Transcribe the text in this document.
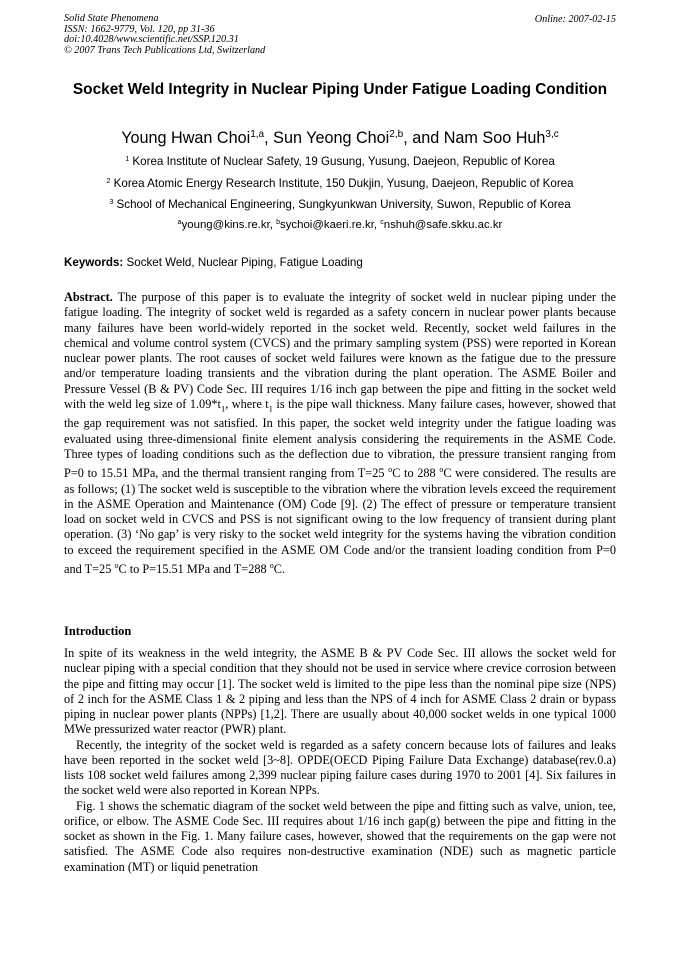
Solid State Phenomena
ISSN: 1662-9779, Vol. 120, pp 31-36
doi:10.4028/www.scientific.net/SSP.120.31
© 2007 Trans Tech Publications Ltd, Switzerland
Online: 2007-02-15
Socket Weld Integrity in Nuclear Piping Under Fatigue Loading Condition
Young Hwan Choi$^{1,a}$, Sun Yeong Choi$^{2,b}$, and Nam Soo Huh$^{3,c}$
$^1$ Korea Institute of Nuclear Safety, 19 Gusung, Yusung, Daejeon, Republic of Korea
$^2$ Korea Atomic Energy Research Institute, 150 Dukjin, Yusung, Daejeon, Republic of Korea
$^3$ School of Mechanical Engineering, Sungkyunkwan University, Suwon, Republic of Korea
$^a$young@kins.re.kr, $^b$sychoi@kaeri.re.kr, $^c$nshuh@safe.skku.ac.kr
Keywords: Socket Weld, Nuclear Piping, Fatigue Loading
Abstract. The purpose of this paper is to evaluate the integrity of socket weld in nuclear piping under the fatigue loading. The integrity of socket weld is regarded as a safety concern in nuclear power plants because many failures have been world-widely reported in the socket weld. Recently, socket weld failures in the chemical and volume control system (CVCS) and the primary sampling system (PSS) were reported in Korean nuclear power plants. The root causes of socket weld failures were known as the fatigue due to the pressure and/or temperature loading transients and the vibration during the plant operation. The ASME Boiler and Pressure Vessel (B & PV) Code Sec. III requires 1/16 inch gap between the pipe and fitting in the socket weld with the weld leg size of $1.09*t_1$, where $t_1$ is the pipe wall thickness. Many failure cases, however, showed that the gap requirement was not satisfied. In this paper, the socket weld integrity under the fatigue loading was evaluated using three-dimensional finite element analysis considering the requirements in the ASME Code. Three types of loading conditions such as the deflection due to vibration, the pressure transient ranging from P=0 to 15.51 MPa, and the thermal transient ranging from T=25 $^o$C to 288 $^o$C were considered. The results are as follows; (1) The socket weld is susceptible to the vibration where the vibration levels exceed the requirement in the ASME Operation and Maintenance (OM) Code [9]. (2) The effect of pressure or temperature transient load on socket weld in CVCS and PSS is not significant owing to the low frequency of transient during plant operation. (3) ‘No gap’ is very risky to the socket weld integrity for the systems having the vibration condition to exceed the requirement specified in the ASME OM Code and/or the transient loading condition from P=0 and T=25 $^o$C to P=15.51 MPa and T=288 $^o$C.
Introduction

In spite of its weakness in the weld integrity, the ASME B & PV Code Sec. III allows the socket weld for nuclear piping with a special condition that they should not be used in service where crevice corrosion between the pipe and fitting may occur [1]. The socket weld is limited to the pipe less than the nominal pipe size (NPS) of 2 inch for the ASME Class 1 & 2 piping and less than the NPS of 4 inch for ASME Class 2 drain or bypass piping in nuclear power plants (NPPs) [1,2]. There are usually about 40,000 socket welds in one typical 1000 MWe pressurized water reactor (PWR) plant.

Recently, the integrity of the socket weld is regarded as a safety concern because lots of failures and leaks have been reported in the socket weld [3~8]. OPDE(OECD Piping Failure Data Exchange) database(rev.0.a) lists 108 socket weld failures among 2,399 nuclear piping failure cases during 1970 to 2001 [4]. Six failures in the socket weld were also reported in Korean NPPs.

Fig. 1 shows the schematic diagram of the socket weld between the pipe and fitting such as valve, union, tee, orifice, or elbow. The ASME Code Sec. III requires about 1/16 inch gap(g) between the pipe and fitting in the socket as shown in the Fig. 1. Many failure cases, however, showed that the requirements on the gap were not satisfied. The ASME Code also requires non-destructive examination (NDE) such as magnetic particle examination (MT) or liquid penetration
